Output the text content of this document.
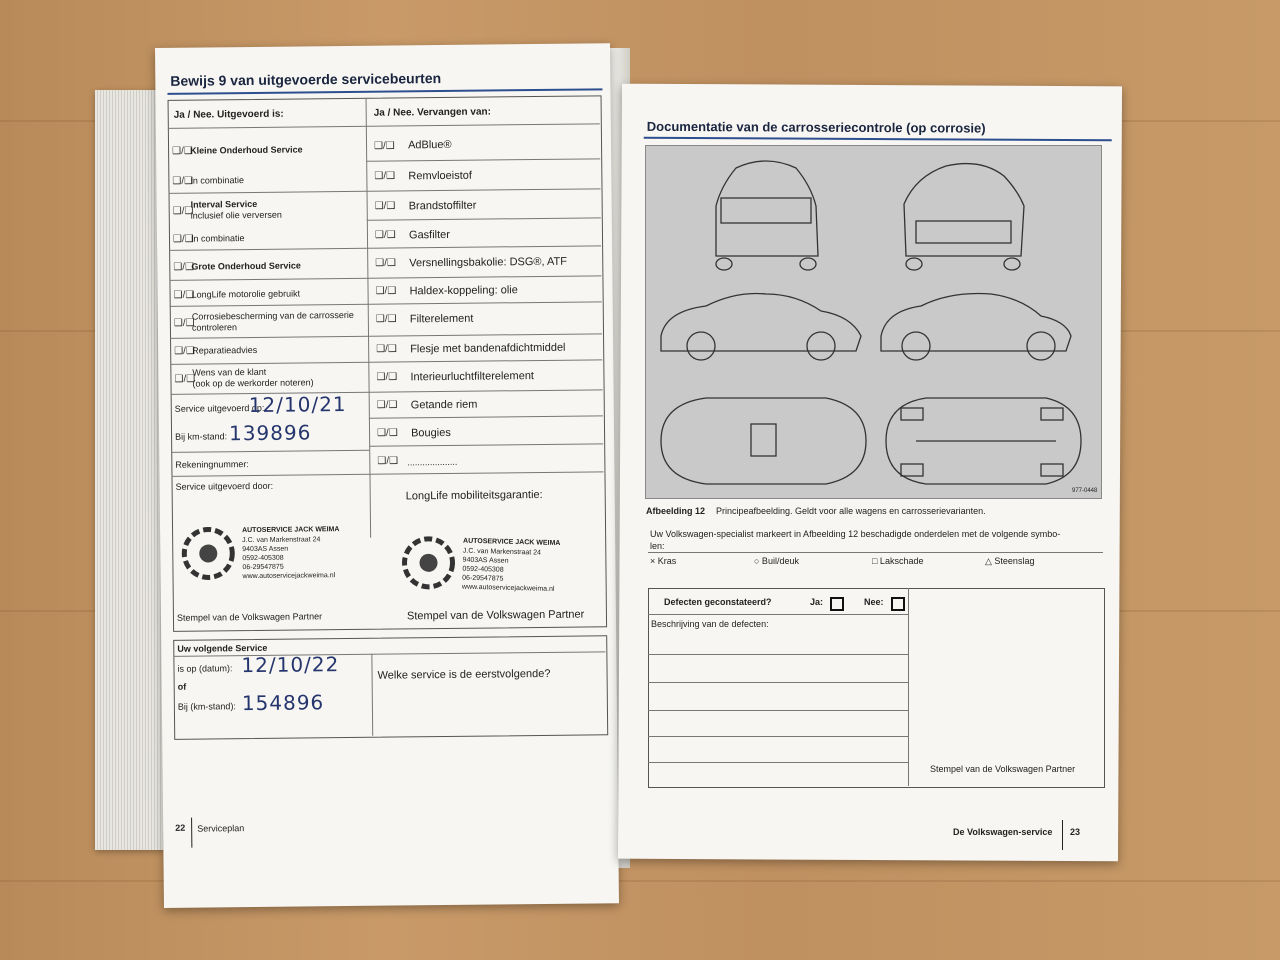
Bewijs 9 van uitgevoerde servicebeurten
Ja / Nee. Uitgevoerd is:	Ja / Nee. Vervangen van:
❑/❑
Kleine Onderhoud Service
❑/❑
In combinatie
❑/❑
Interval Service
inclusief olie verversen
❑/❑
In combinatie
❑/❑
Grote Onderhoud Service
❑/❑
LongLife motorolie gebruikt
❑/❑
Corrosiebescherming van de carrosserie
controleren
❑/❑
Reparatieadvies
❑/❑
Wens van de klant
(ook op de werkorder noteren)
❑/❑ AdBlue®
❑/❑ Remvloeistof
❑/❑ Brandstoffilter
❑/❑ Gasfilter
❑/❑ Versnellingsbakolie: DSG®, ATF
❑/❑ Haldex-koppeling: olie
❑/❑ Filterelement
❑/❑ Flesje met bandenafdichtmiddel
❑/❑ Interieurluchtfilterelement
❑/❑ Getande riem
❑/❑ Bougies
❑/❑ ....................
Service uitgevoerd op:
12/10/21
Bij km-stand: 139896
Rekeningnummer:
Service uitgevoerd door:
LongLife mobiliteitsgarantie:
AUTOSERVICE JACK WEIMA
J.C. van Markenstraat 24
9403AS Assen
0592-405308
06-29547875
www.autoservicejackweima.nl
AUTOSERVICE JACK WEIMA
J.C. van Markenstraat 24
9403AS Assen
0592-405308
06-29547875
www.autoservicejackweima.nl
Stempel van de Volkswagen Partner	Stempel van de Volkswagen Partner
Uw volgende Service
is op (datum): 12/10/22
of
Bij (km-stand): 154896
Welke service is de eerstvolgende?
22 Serviceplan
Documentatie van de carrosseriecontrole (op corrosie)
977-0448
Afbeelding 12 Principeafbeelding. Geldt voor alle wagens en carrosserievarianten.
Uw Volkswagen-specialist markeert in Afbeelding 12 beschadigde onderdelen met de volgende symbo-
len:
× Kras	○ Buil/deuk	□ Lakschade	△ Steenslag
Defecten geconstateerd?	Ja:	Nee:
Beschrijving van de defecten:
Stempel van de Volkswagen Partner
De Volkswagen-service 23
